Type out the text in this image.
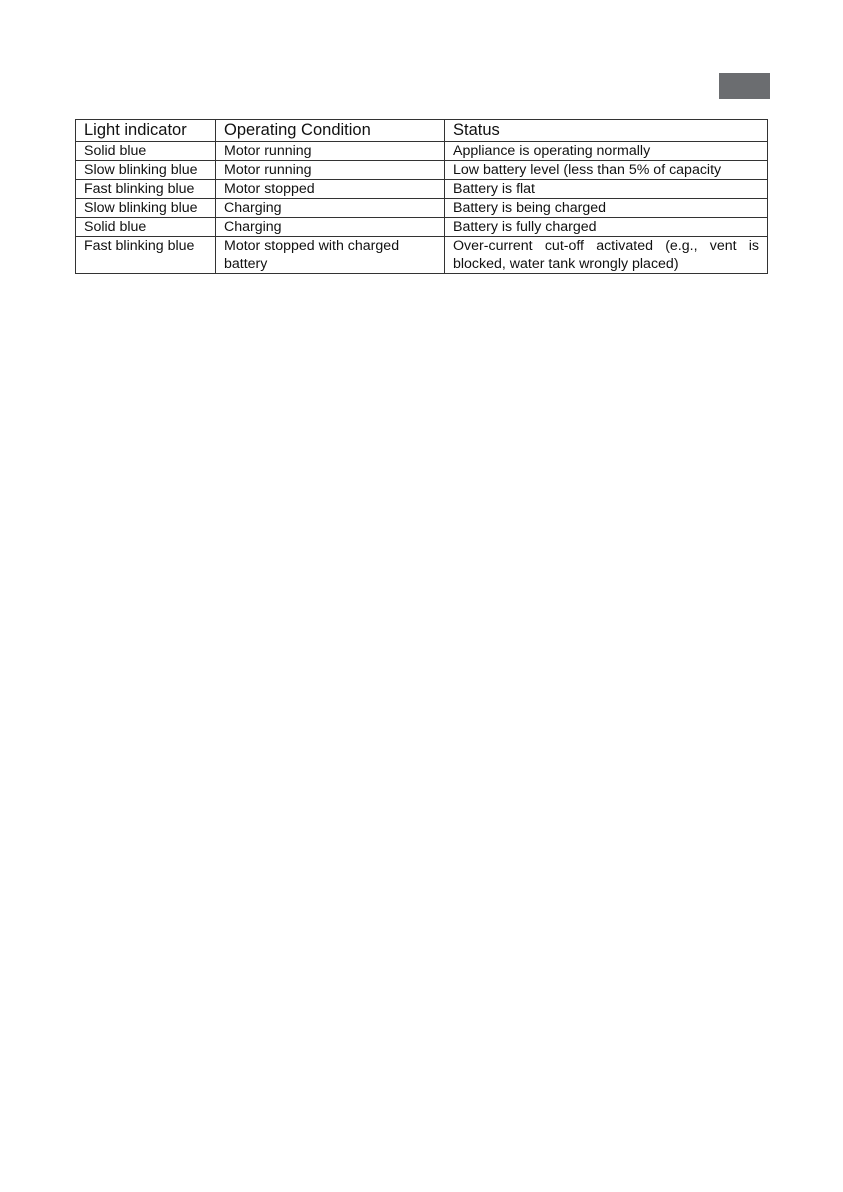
Light indicator	Operating Condition	Status
Solid blue	Motor running	Appliance is operating normally
Slow blinking blue	Motor running	Low battery level (less than 5% of capacity
Fast blinking blue	Motor stopped	Battery is flat
Slow blinking blue	Charging	Battery is being charged
Solid blue	Charging	Battery is fully charged
Fast blinking blue	Motor stopped with charged battery	Over-current cut-off activated (e.g., vent is blocked, water tank wrongly placed)
